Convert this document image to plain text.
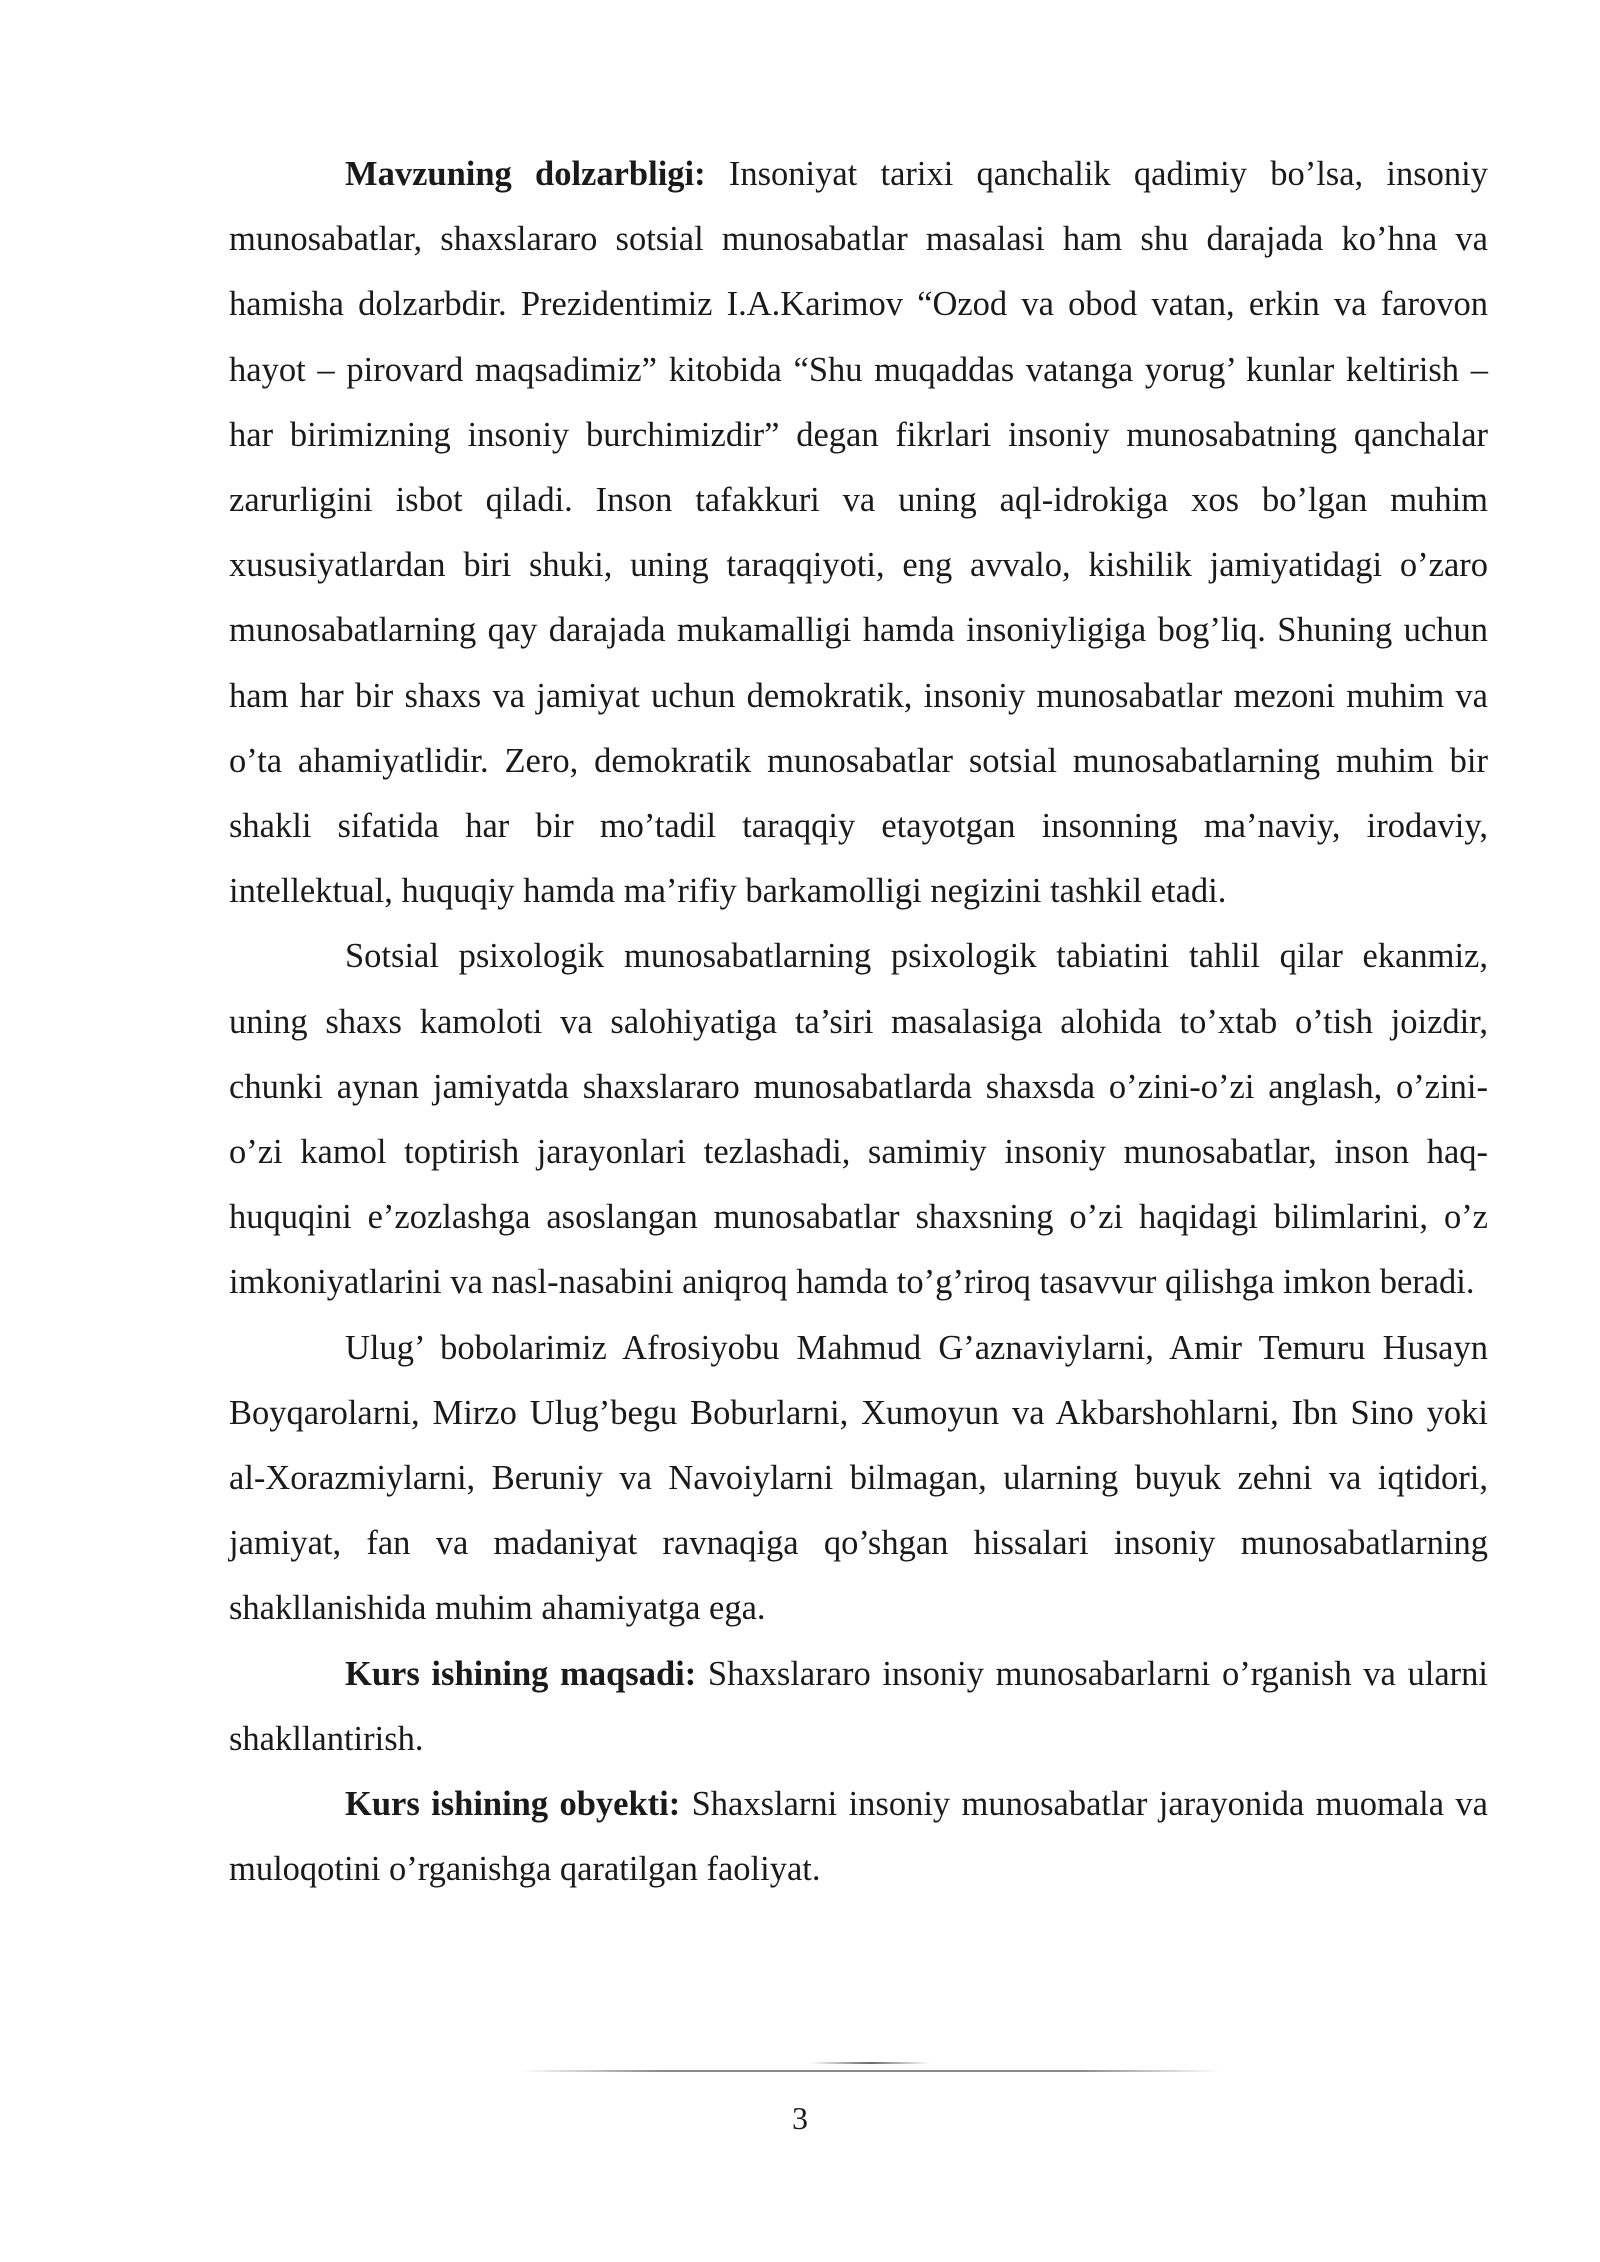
Mavzuning dolzarbligi: Insoniyat tarixi qanchalik qadimiy bo’lsa, insoniy munosabatlar, shaxslararo sotsial munosabatlar masalasi ham shu darajada ko’hna va hamisha dolzarbdir. Prezidentimiz I.A.Karimov “Ozod va obod vatan, erkin va farovon hayot – pirovard maqsadimiz” kitobida “Shu muqaddas vatanga yorug’ kunlar keltirish – har birimizning insoniy burchimizdir” degan fikrlari insoniy munosabatning qanchalar zarurligini isbot qiladi. Inson tafakkuri va uning aql-idrokiga xos bo’lgan muhim xususiyatlardan biri shuki, uning taraqqiyoti, eng avvalo, kishilik jamiyatidagi o’zaro munosabatlarning qay darajada mukamalligi hamda insoniyligiga bog’liq. Shuning uchun ham har bir shaxs va jamiyat uchun demokratik, insoniy munosabatlar mezoni muhim va o’ta ahamiyatlidir. Zero, demokratik munosabatlar sotsial munosabatlarning muhim bir shakli sifatida har bir mo’tadil taraqqiy etayotgan insonning ma’naviy, irodaviy, intellektual, huquqiy hamda ma’rifiy barkamolligi negizini tashkil etadi.

Sotsial psixologik munosabatlarning psixologik tabiatini tahlil qilar ekanmiz, uning shaxs kamoloti va salohiyatiga ta’siri masalasiga alohida to’xtab o’tish joizdir, chunki aynan jamiyatda shaxslararo munosabatlarda shaxsda o’zini-o’zi anglash, o’zini-o’zi kamol toptirish jarayonlari tezlashadi, samimiy insoniy munosabatlar, inson haq-huquqini e’zozlashga asoslangan munosabatlar shaxsning o’zi haqidagi bilimlarini, o’z imkoniyatlarini va nasl-nasabini aniqroq hamda to’g’riroq tasavvur qilishga imkon beradi.

Ulug’ bobolarimiz Afrosiyobu Mahmud G’aznaviylarni, Amir Temuru Husayn Boyqarolarni, Mirzo Ulug’begu Boburlarni, Xumoyun va Akbarshohlarni, Ibn Sino yoki al-Xorazmiylarni, Beruniy va Navoiylarni bilmagan, ularning buyuk zehni va iqtidori, jamiyat, fan va madaniyat ravnaqiga qo’shgan hissalari insoniy munosabatlarning shakllanishida muhim ahamiyatga ega.

Kurs ishining maqsadi: Shaxslararo insoniy munosabarlarni o’rganish va ularni shakllantirish.

Kurs ishining obyekti: Shaxslarni insoniy munosabatlar jarayonida muomala va muloqotini o’rganishga qaratilgan faoliyat.

3
